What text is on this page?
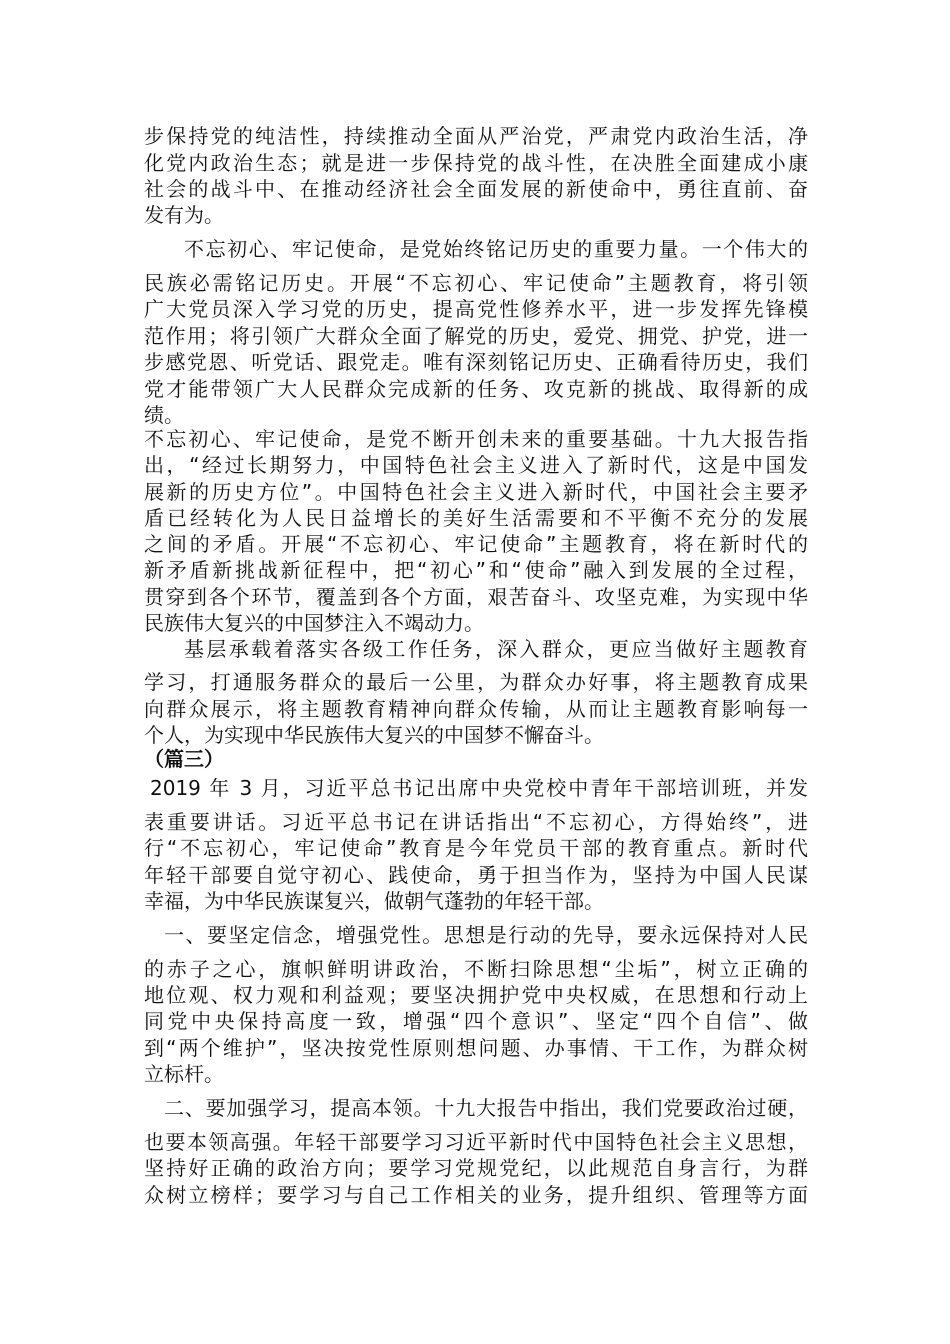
步保持党的纯洁性，持续推动全面从严治党，严肃党内政治生活，净
化党内政治生态；就是进一步保持党的战斗性，在决胜全面建成小康
社会的战斗中、在推动经济社会全面发展的新使命中，勇往直前、奋
发有为。
不忘初心、牢记使命，是党始终铭记历史的重要力量。一个伟大的
民族必需铭记历史。开展“不忘初心、牢记使命”主题教育，将引领
广大党员深入学习党的历史，提高党性修养水平，进一步发挥先锋模
范作用；将引领广大群众全面了解党的历史，爱党、拥党、护党，进一
步感党恩、听党话、跟党走。唯有深刻铭记历史、正确看待历史，我们
党才能带领广大人民群众完成新的任务、攻克新的挑战、取得新的成
绩。
不忘初心、牢记使命，是党不断开创未来的重要基础。十九大报告指
出，“经过长期努力，中国特色社会主义进入了新时代，这是中国发
展新的历史方位”。中国特色社会主义进入新时代，中国社会主要矛
盾已经转化为人民日益增长的美好生活需要和不平衡不充分的发展
之间的矛盾。开展“不忘初心、牢记使命”主题教育，将在新时代的
新矛盾新挑战新征程中，把“初心”和“使命”融入到发展的全过程，
贯穿到各个环节，覆盖到各个方面，艰苦奋斗、攻坚克难，为实现中华
民族伟大复兴的中国梦注入不竭动力。
基层承载着落实各级工作任务，深入群众，更应当做好主题教育
学习，打通服务群众的最后一公里，为群众办好事，将主题教育成果
向群众展示，将主题教育精神向群众传输，从而让主题教育影响每一
个人，为实现中华民族伟大复兴的中国梦不懈奋斗。
（篇三）
2019 年 3 月，习近平总书记出席中央党校中青年干部培训班，并发
表重要讲话。习近平总书记在讲话指出“不忘初心，方得始终”，进
行“不忘初心，牢记使命”教育是今年党员干部的教育重点。新时代
年轻干部要自觉守初心、践使命，勇于担当作为，坚持为中国人民谋
幸福，为中华民族谋复兴，做朝气蓬勃的年轻干部。
一、要坚定信念，增强党性。思想是行动的先导，要永远保持对人民
的赤子之心，旗帜鲜明讲政治，不断扫除思想“尘垢”，树立正确的
地位观、权力观和利益观；要坚决拥护党中央权威，在思想和行动上
同党中央保持高度一致，增强“四个意识”、坚定“四个自信”、做
到“两个维护”，坚决按党性原则想问题、办事情、干工作，为群众树
立标杆。
二、要加强学习，提高本领。十九大报告中指出，我们党要政治过硬，
也要本领高强。年轻干部要学习习近平新时代中国特色社会主义思想，
坚持好正确的政治方向；要学习党规党纪，以此规范自身言行，为群
众树立榜样；要学习与自己工作相关的业务，提升组织、管理等方面
